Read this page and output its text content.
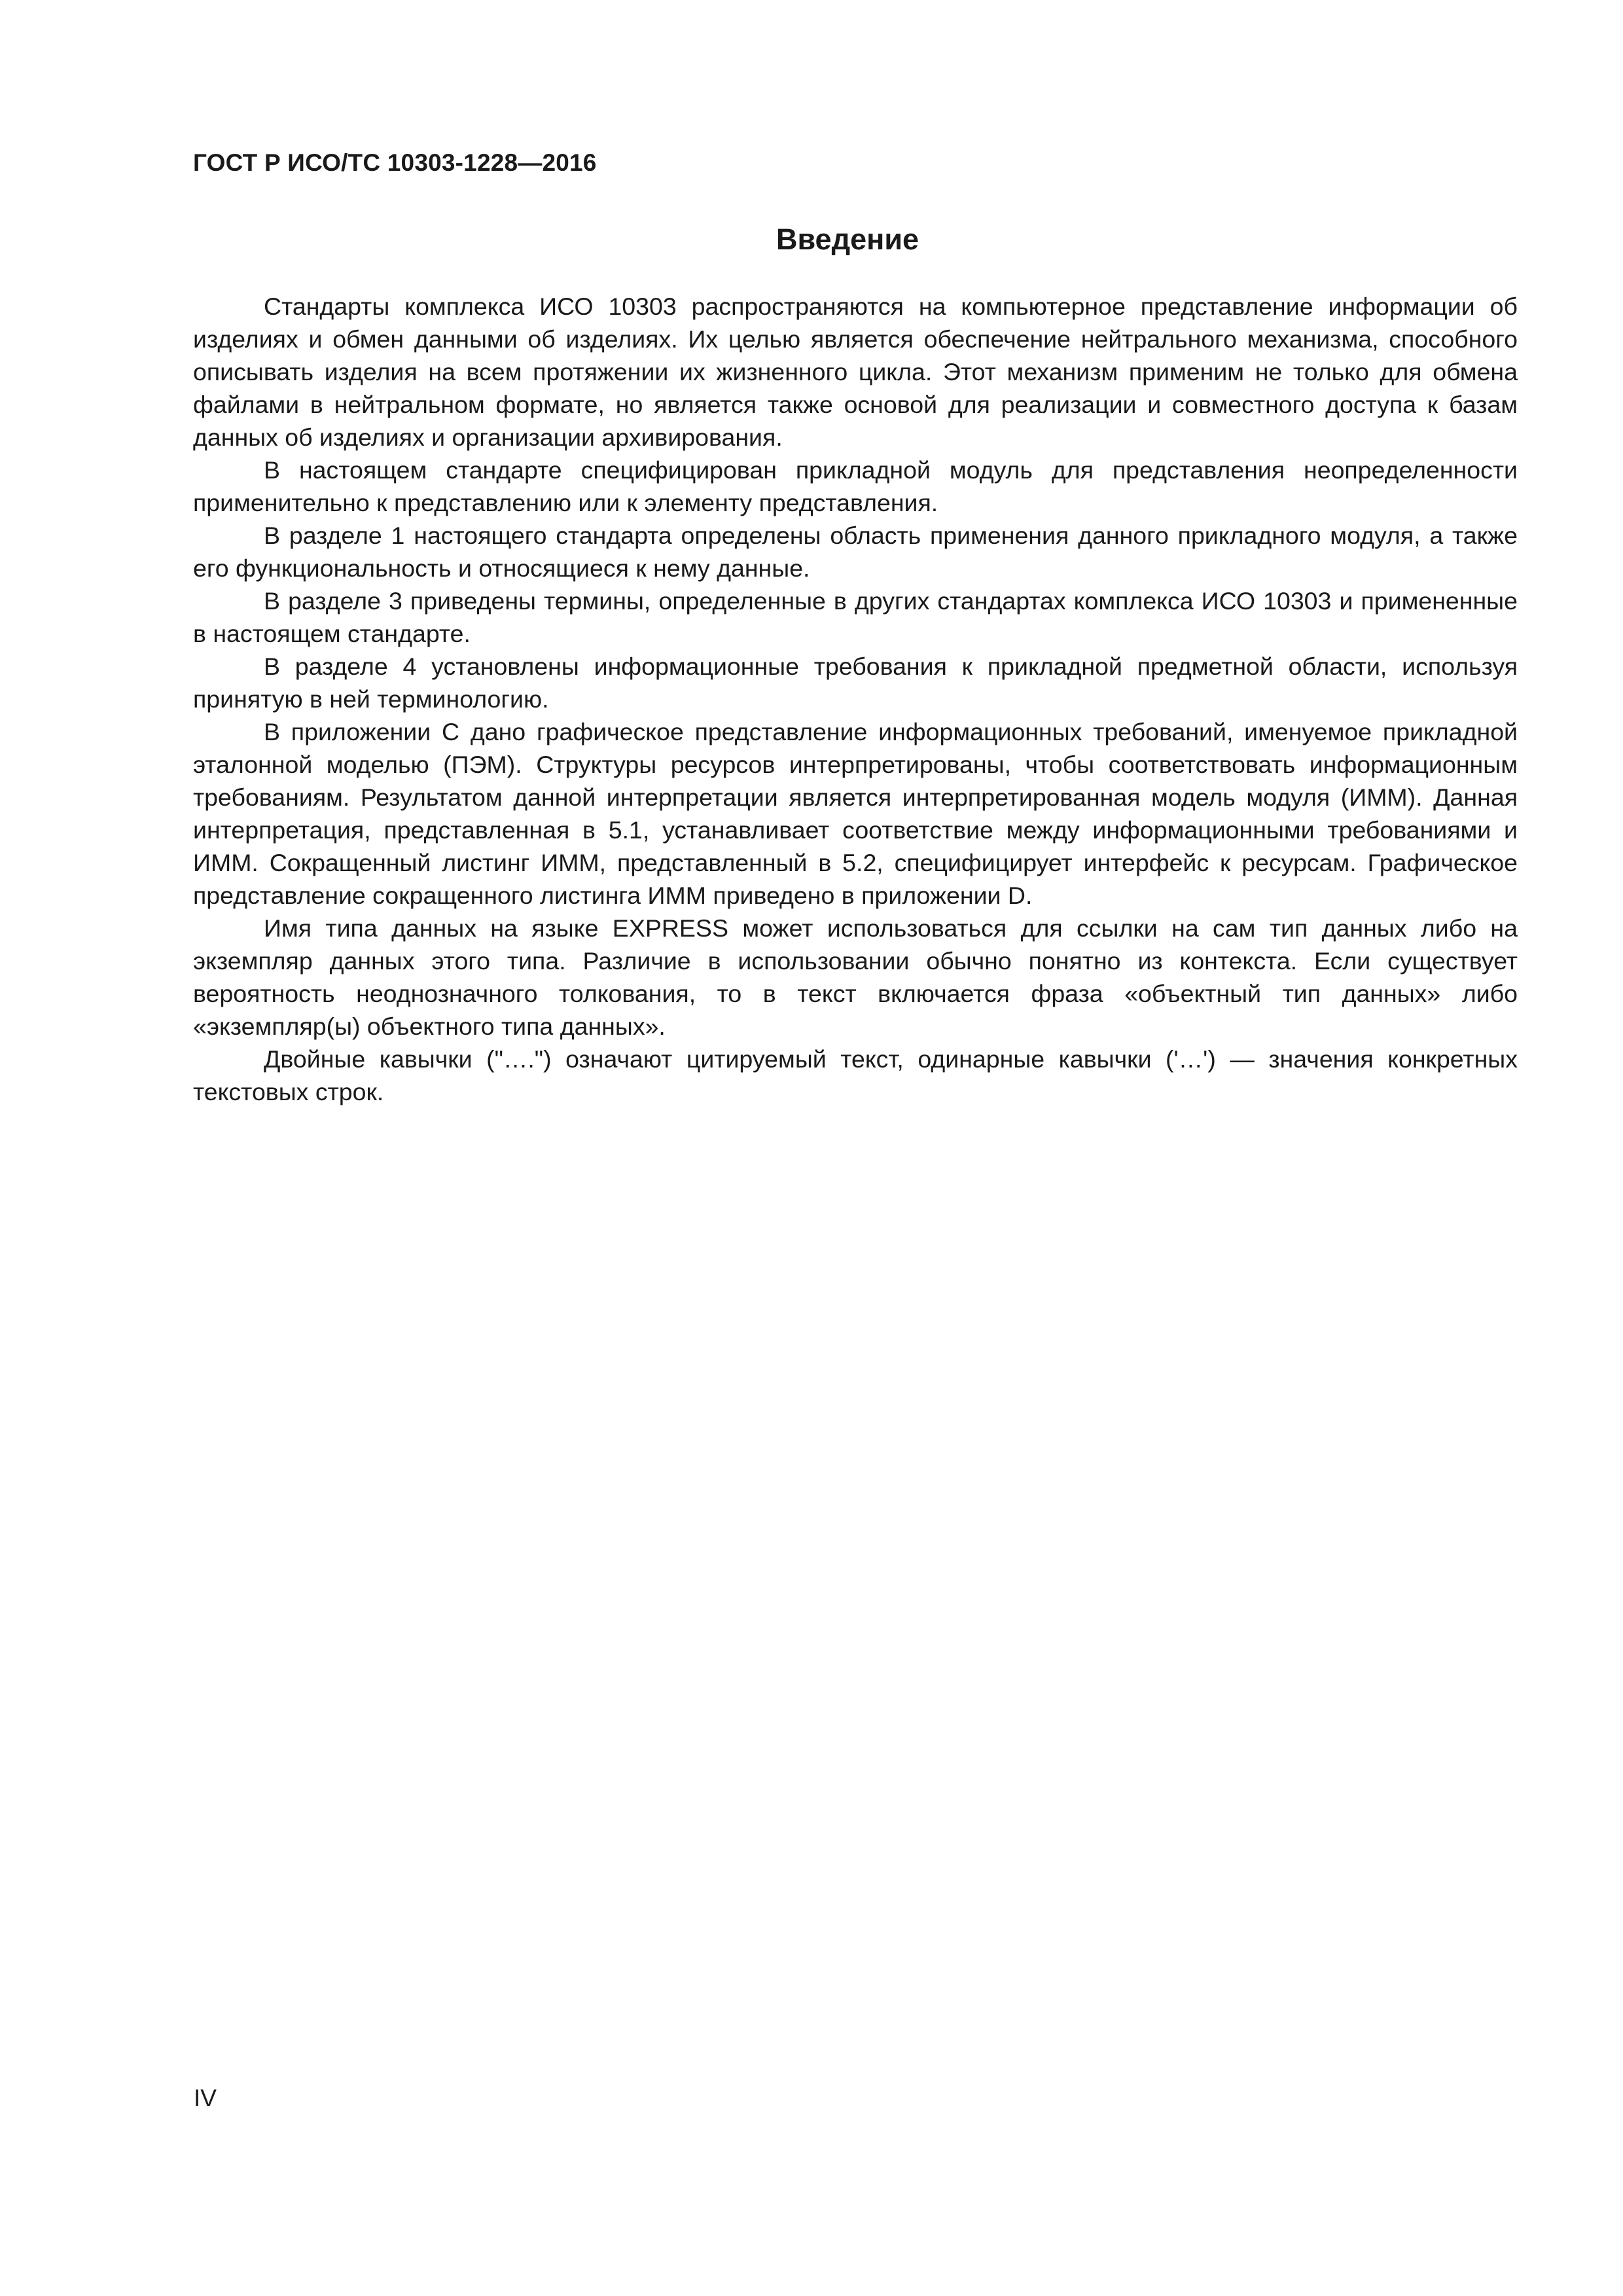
ГОСТ Р ИСО/ТС 10303-1228—2016
Введение

Стандарты комплекса ИСО 10303 распространяются на компьютерное представление информации об изделиях и обмен данными об изделиях. Их целью является обеспечение нейтрального механизма, способного описывать изделия на всем протяжении их жизненного цикла. Этот механизм применим не только для обмена файлами в нейтральном формате, но является также основой для реализации и совместного доступа к базам данных об изделиях и организации архивирования.

В настоящем стандарте специфицирован прикладной модуль для представления неопределенности применительно к представлению или к элементу представления.

В разделе 1 настоящего стандарта определены область применения данного прикладного модуля, а также его функциональность и относящиеся к нему данные.

В разделе 3 приведены термины, определенные в других стандартах комплекса ИСО 10303 и примененные в настоящем стандарте.

В разделе 4 установлены информационные требования к прикладной предметной области, используя принятую в ней терминологию.

В приложении С дано графическое представление информационных требований, именуемое прикладной эталонной моделью (ПЭМ). Структуры ресурсов интерпретированы, чтобы соответствовать информационным требованиям. Результатом данной интерпретации является интерпретированная модель модуля (ИММ). Данная интерпретация, представленная в 5.1, устанавливает соответствие между информационными требованиями и ИММ. Сокращенный листинг ИММ, представленный в 5.2, специфицирует интерфейс к ресурсам. Графическое представление сокращенного листинга ИММ приведено в приложении D.

Имя типа данных на языке EXPRESS может использоваться для ссылки на сам тип данных либо на экземпляр данных этого типа. Различие в использовании обычно понятно из контекста. Если существует вероятность неоднозначного толкования, то в текст включается фраза «объектный тип данных» либо «экземпляр(ы) объектного типа данных».

Двойные кавычки ("….") означают цитируемый текст, одинарные кавычки ('…') — значения конкретных текстовых строк.

IV
